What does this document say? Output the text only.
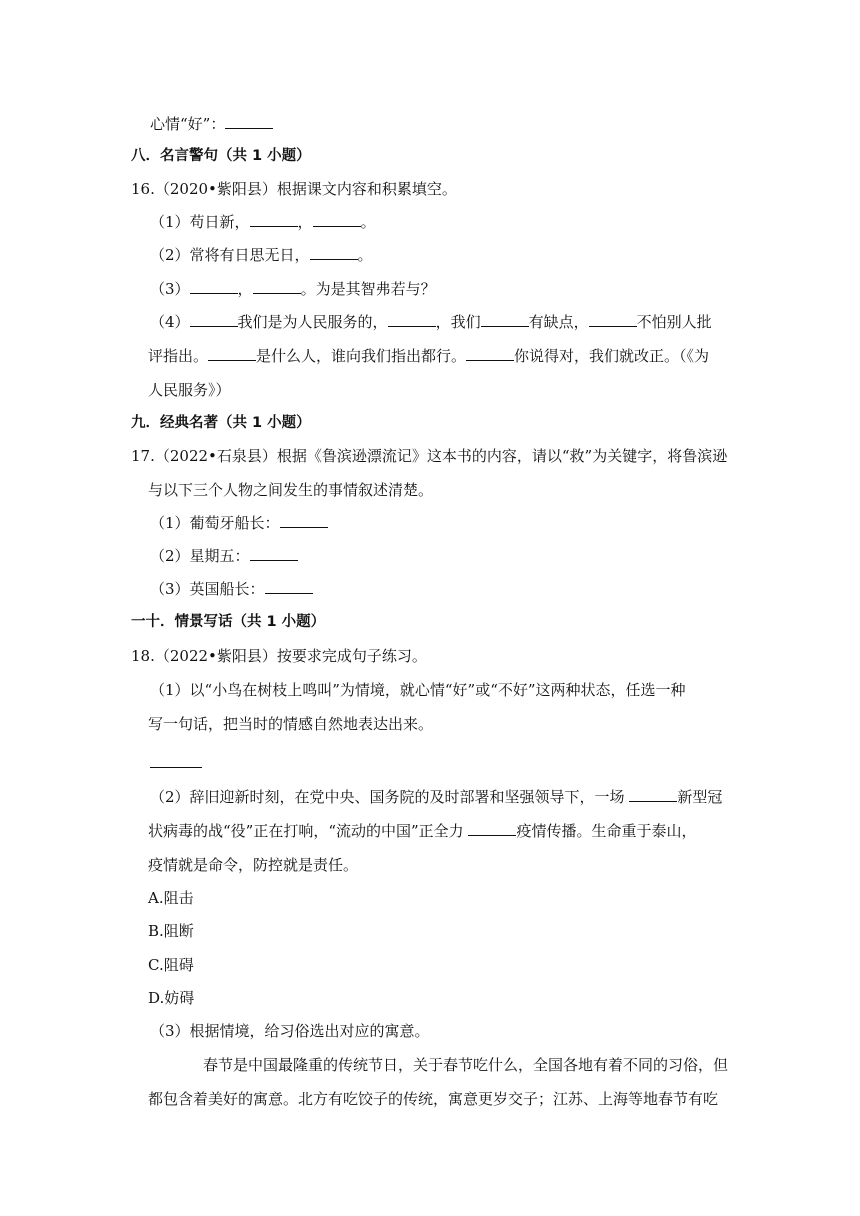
心情“好”：
八．名言警句（共 1 小题）
16.（2020•紫阳县）根据课文内容和积累填空。
（1）苟日新，	，	。
（2）常将有日思无日，	。
（3）	，	。为是其智弗若与？
（4）	我们是为人民服务的，	，我们	有缺点，	不怕别人批
评指出。	是什么人，谁向我们指出都行。	你说得对，我们就改正。（《为
人民服务》）
九．经典名著（共 1 小题）
17.（2022•石泉县）根据《鲁滨逊漂流记》这本书的内容，请以“救”为关键字，将鲁滨逊
与以下三个人物之间发生的事情叙述清楚。
（1）葡萄牙船长：
（2）星期五：
（3）英国船长：
一十．情景写话（共 1 小题）
18.（2022•紫阳县）按要求完成句子练习。
（1）以“小鸟在树枝上鸣叫”为情境，就心情“好”或“不好”这两种状态，任选一种
写一句话，把当时的情感自然地表达出来。
（2）辞旧迎新时刻，在党中央、国务院的及时部署和坚强领导下，一场	新型冠
状病毒的战“役”正在打响，“流动的中国”正全力	疫情传播。生命重于泰山，
疫情就是命令，防控就是责任。
A.阻击
B.阻断
C.阻碍
D.妨碍
（3）根据情境，给习俗选出对应的寓意。
春节是中国最隆重的传统节日，关于春节吃什么，全国各地有着不同的习俗，但
都包含着美好的寓意。北方有吃饺子的传统，寓意更岁交子；江苏、上海等地春节有吃
